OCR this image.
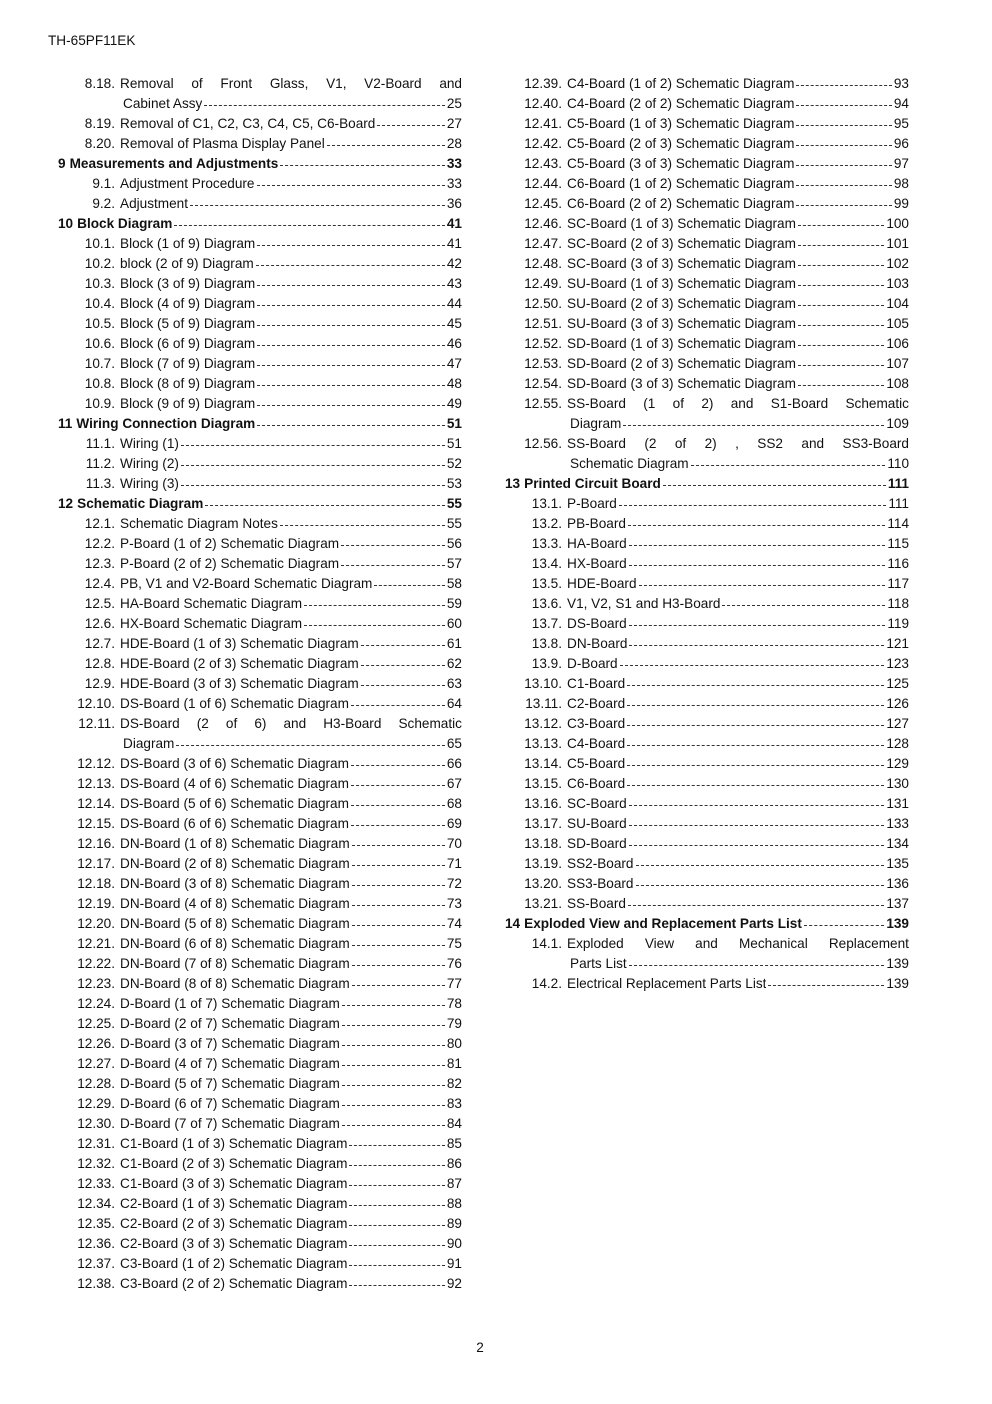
TH-65PF11EK
8.18. Removal of Front Glass, V1, V2-Board and
Cabinet Assy	25
8.19. Removal of C1, C2, C3, C4, C5, C6-Board	27
8.20. Removal of Plasma Display Panel	28
9 Measurements and Adjustments	33
9.1. Adjustment Procedure	33
9.2. Adjustment	36
10 Block Diagram	41
10.1. Block (1 of 9) Diagram	41
10.2. block (2 of 9) Diagram	42
10.3. Block (3 of 9) Diagram	43
10.4. Block (4 of 9) Diagram	44
10.5. Block (5 of 9) Diagram	45
10.6. Block (6 of 9) Diagram	46
10.7. Block (7 of 9) Diagram	47
10.8. Block (8 of 9) Diagram	48
10.9. Block (9 of 9) Diagram	49
11 Wiring Connection Diagram	51
11.1. Wiring (1)	51
11.2. Wiring (2)	52
11.3. Wiring (3)	53
12 Schematic Diagram	55
12.1. Schematic Diagram Notes	55
12.2. P-Board (1 of 2) Schematic Diagram	56
12.3. P-Board (2 of 2) Schematic Diagram	57
12.4. PB, V1 and V2-Board Schematic Diagram	58
12.5. HA-Board Schematic Diagram	59
12.6. HX-Board Schematic Diagram	60
12.7. HDE-Board (1 of 3) Schematic Diagram	61
12.8. HDE-Board (2 of 3) Schematic Diagram	62
12.9. HDE-Board (3 of 3) Schematic Diagram	63
12.10. DS-Board (1 of 6) Schematic Diagram	64
12.11. DS-Board (2 of 6) and H3-Board Schematic
Diagram	65
12.12. DS-Board (3 of 6) Schematic Diagram	66
12.13. DS-Board (4 of 6) Schematic Diagram	67
12.14. DS-Board (5 of 6) Schematic Diagram	68
12.15. DS-Board (6 of 6) Schematic Diagram	69
12.16. DN-Board (1 of 8) Schematic Diagram	70
12.17. DN-Board (2 of 8) Schematic Diagram	71
12.18. DN-Board (3 of 8) Schematic Diagram	72
12.19. DN-Board (4 of 8) Schematic Diagram	73
12.20. DN-Board (5 of 8) Schematic Diagram	74
12.21. DN-Board (6 of 8) Schematic Diagram	75
12.22. DN-Board (7 of 8) Schematic Diagram	76
12.23. DN-Board (8 of 8) Schematic Diagram	77
12.24. D-Board (1 of 7) Schematic Diagram	78
12.25. D-Board (2 of 7) Schematic Diagram	79
12.26. D-Board (3 of 7) Schematic Diagram	80
12.27. D-Board (4 of 7) Schematic Diagram	81
12.28. D-Board (5 of 7) Schematic Diagram	82
12.29. D-Board (6 of 7) Schematic Diagram	83
12.30. D-Board (7 of 7) Schematic Diagram	84
12.31. C1-Board (1 of 3) Schematic Diagram	85
12.32. C1-Board (2 of 3) Schematic Diagram	86
12.33. C1-Board (3 of 3) Schematic Diagram	87
12.34. C2-Board (1 of 3) Schematic Diagram	88
12.35. C2-Board (2 of 3) Schematic Diagram	89
12.36. C2-Board (3 of 3) Schematic Diagram	90
12.37. C3-Board (1 of 2) Schematic Diagram	91
12.38. C3-Board (2 of 2) Schematic Diagram	92
12.39. C4-Board (1 of 2) Schematic Diagram	93
12.40. C4-Board (2 of 2) Schematic Diagram	94
12.41. C5-Board (1 of 3) Schematic Diagram	95
12.42. C5-Board (2 of 3) Schematic Diagram	96
12.43. C5-Board (3 of 3) Schematic Diagram	97
12.44. C6-Board (1 of 2) Schematic Diagram	98
12.45. C6-Board (2 of 2) Schematic Diagram	99
12.46. SC-Board (1 of 3) Schematic Diagram	100
12.47. SC-Board (2 of 3) Schematic Diagram	101
12.48. SC-Board (3 of 3) Schematic Diagram	102
12.49. SU-Board (1 of 3) Schematic Diagram	103
12.50. SU-Board (2 of 3) Schematic Diagram	104
12.51. SU-Board (3 of 3) Schematic Diagram	105
12.52. SD-Board (1 of 3) Schematic Diagram	106
12.53. SD-Board (2 of 3) Schematic Diagram	107
12.54. SD-Board (3 of 3) Schematic Diagram	108
12.55. SS-Board (1 of 2) and S1-Board Schematic
Diagram	109
12.56. SS-Board (2 of 2) , SS2 and SS3-Board
Schematic Diagram	110
13 Printed Circuit Board	111
13.1. P-Board	111
13.2. PB-Board	114
13.3. HA-Board	115
13.4. HX-Board	116
13.5. HDE-Board	117
13.6. V1, V2, S1 and H3-Board	118
13.7. DS-Board	119
13.8. DN-Board	121
13.9. D-Board	123
13.10. C1-Board	125
13.11. C2-Board	126
13.12. C3-Board	127
13.13. C4-Board	128
13.14. C5-Board	129
13.15. C6-Board	130
13.16. SC-Board	131
13.17. SU-Board	133
13.18. SD-Board	134
13.19. SS2-Board	135
13.20. SS3-Board	136
13.21. SS-Board	137
14 Exploded View and Replacement Parts List	139
14.1. Exploded View and Mechanical Replacement
Parts List	139
14.2. Electrical Replacement Parts List	139
2
